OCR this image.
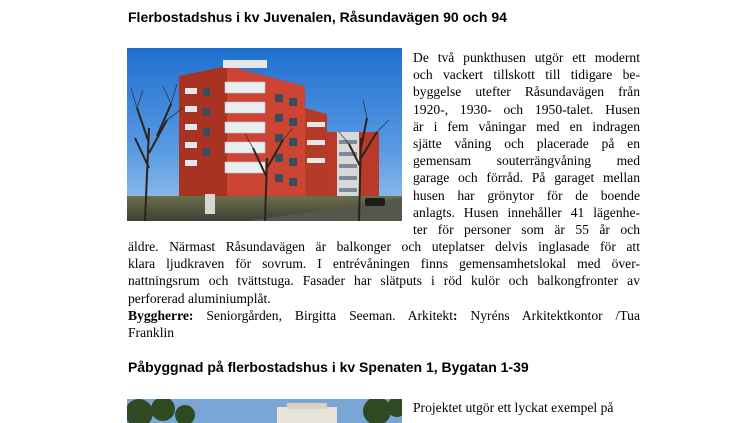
Flerbostadshus i kv Juvenalen, Råsundavägen 90 och 94
De två punkthusen utgör ett modernt
och vackert tillskott till tidigare be-
byggelse utefter Råsundavägen från
1920-, 1930- och 1950-talet. Husen
är i fem våningar med en indragen
sjätte våning och placerade på en
gemensam souterrängvåning med
garage och förråd. På garaget mellan
husen har grönytor för de boende
anlagts. Husen innehåller 41 lägenhe-
ter för personer som är 55 år och
äldre. Närmast Råsundavägen är balkonger och uteplatser delvis inglasade för att
klara ljudkraven för sovrum. I entrévåningen finns gemensamhetslokal med över-
nattningsrum och tvättstuga. Fasader har slätputs i röd kulör och balkongfronter av
perforerad aluminiumplåt.
Byggherre: Seniorgården, Birgitta Seeman. Arkitekt: Nyréns Arkitektkontor /Tua
Franklin
Påbyggnad på flerbostadshus i kv Spenaten 1, Bygatan 1-39

Projektet utgör ett lyckat exempel på
